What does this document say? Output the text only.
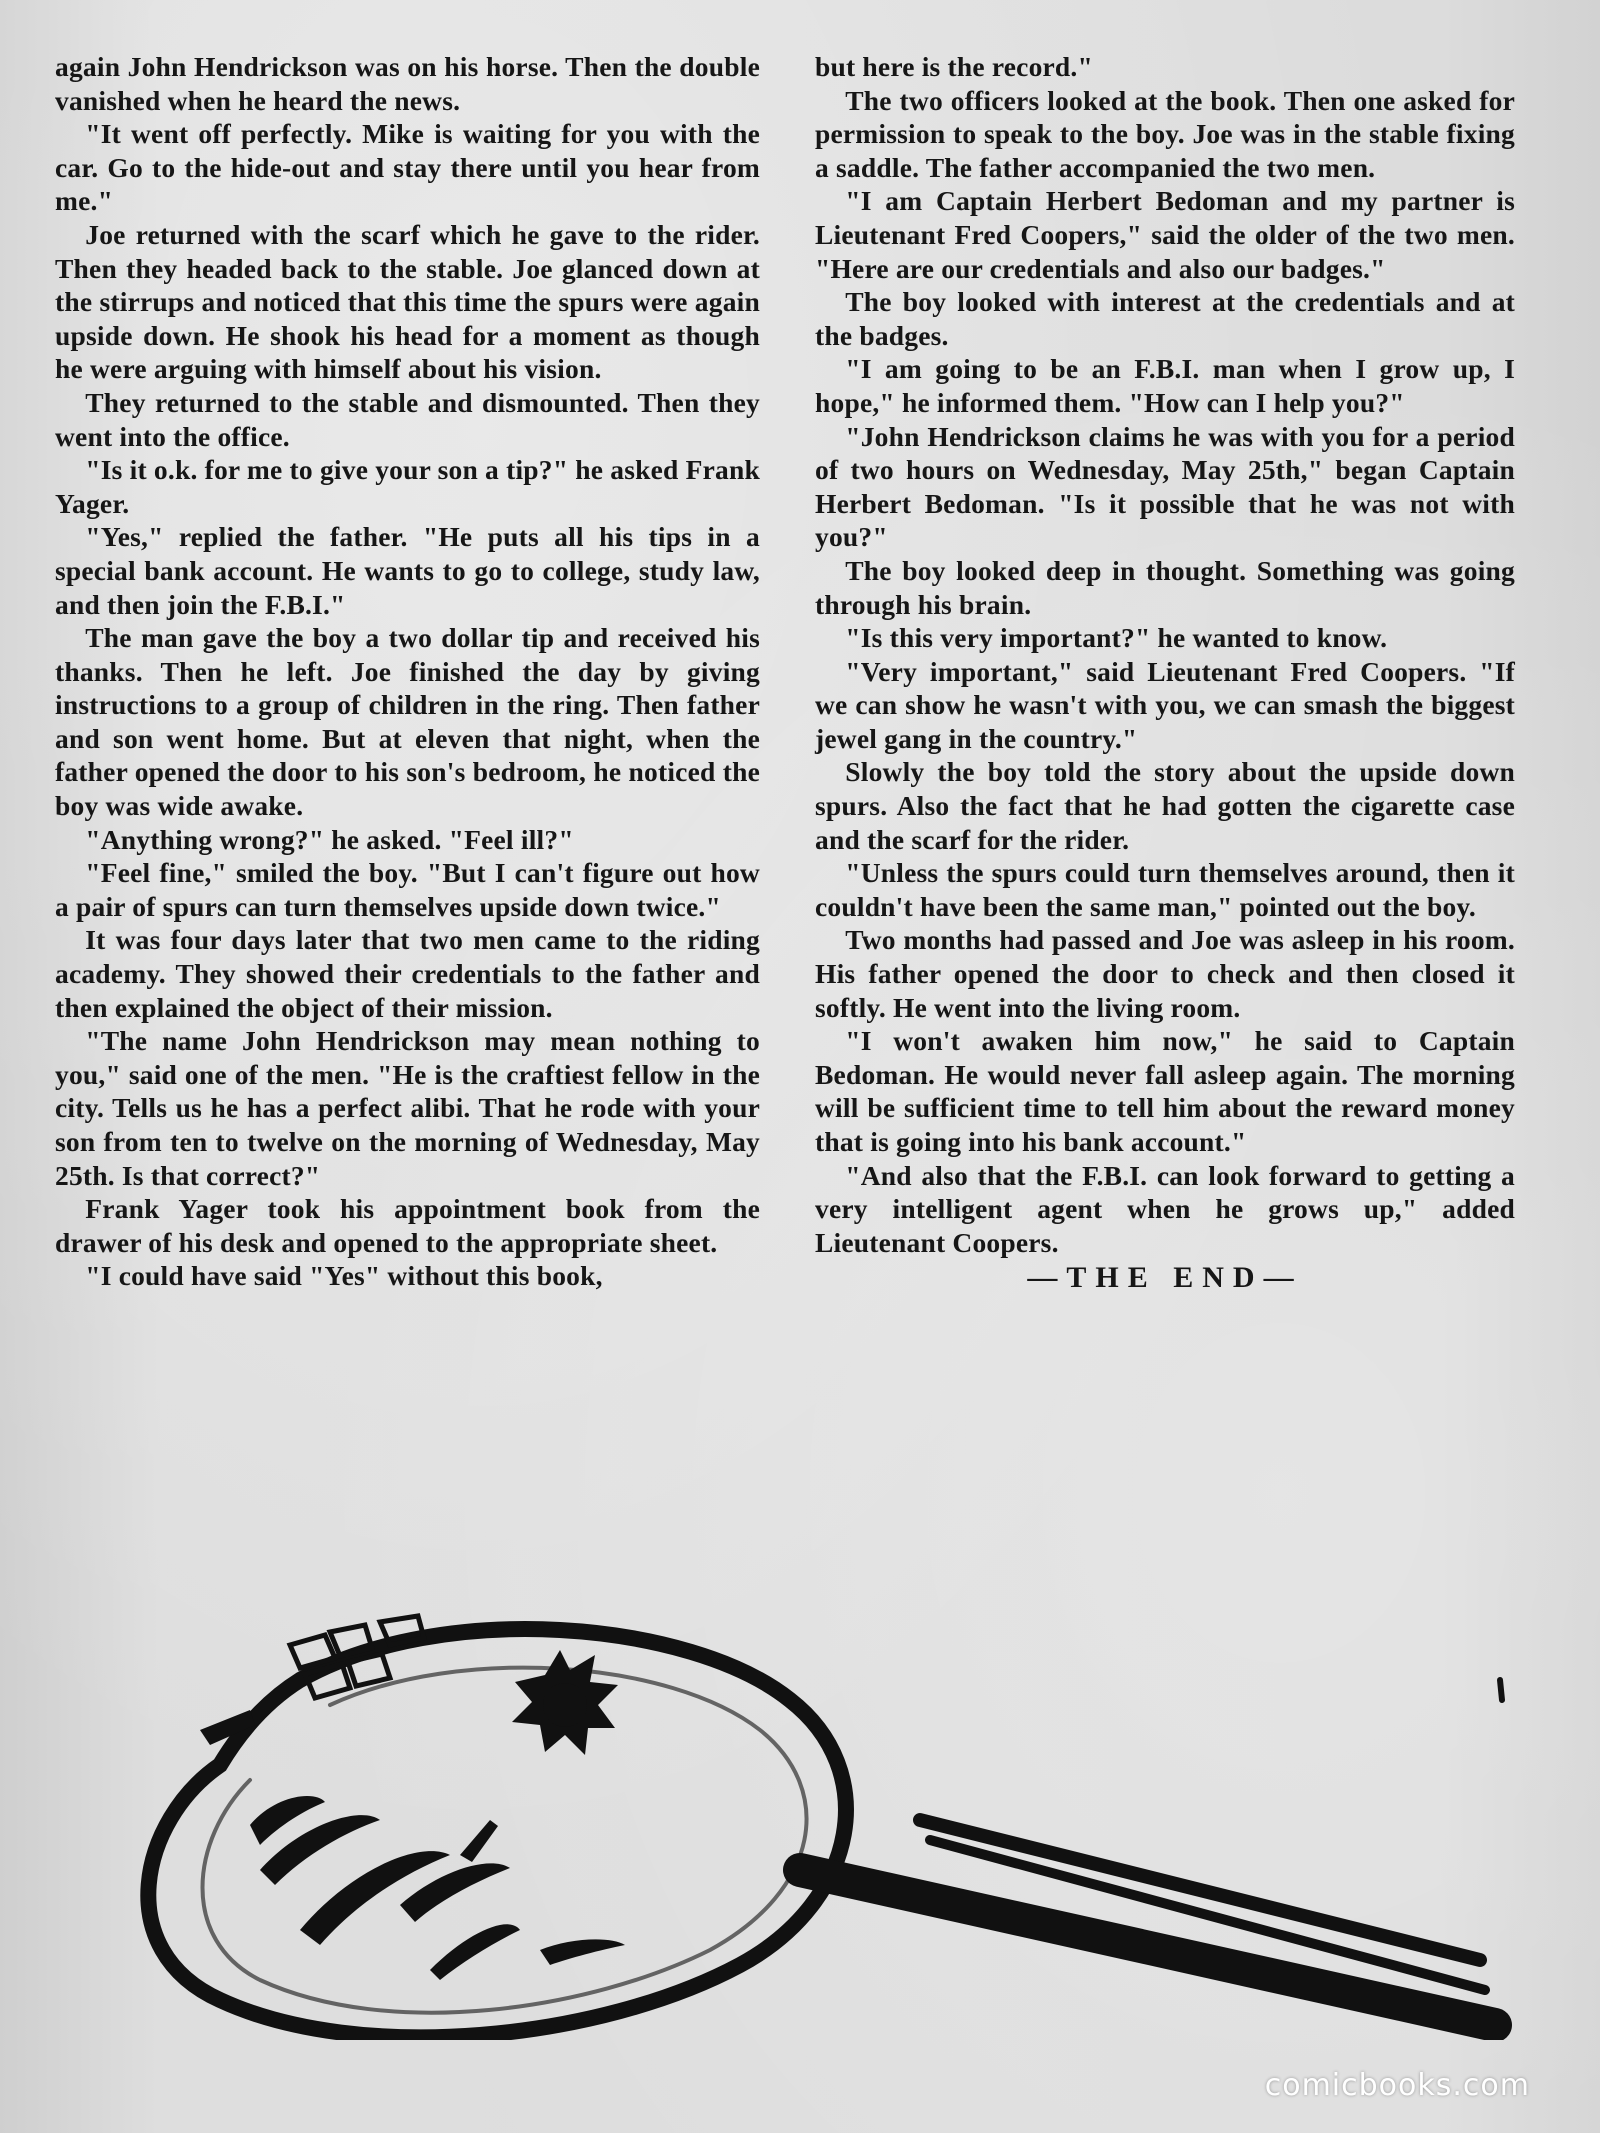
again John Hendrickson was on his horse. Then the double vanished when he heard the news.

"It went off perfectly. Mike is waiting for you with the car. Go to the hide-out and stay there until you hear from me."

Joe returned with the scarf which he gave to the rider. Then they headed back to the stable. Joe glanced down at the stirrups and noticed that this time the spurs were again upside down. He shook his head for a moment as though he were arguing with himself about his vision.

They returned to the stable and dismounted. Then they went into the office.

"Is it o.k. for me to give your son a tip?" he asked Frank Yager.

"Yes," replied the father. "He puts all his tips in a special bank account. He wants to go to college, study law, and then join the F.B.I."

The man gave the boy a two dollar tip and received his thanks. Then he left. Joe finished the day by giving instructions to a group of children in the ring. Then father and son went home. But at eleven that night, when the father opened the door to his son's bedroom, he noticed the boy was wide awake.

"Anything wrong?" he asked. "Feel ill?"

"Feel fine," smiled the boy. "But I can't figure out how a pair of spurs can turn themselves upside down twice."

It was four days later that two men came to the riding academy. They showed their credentials to the father and then explained the object of their mission.

"The name John Hendrickson may mean nothing to you," said one of the men. "He is the craftiest fellow in the city. Tells us he has a perfect alibi. That he rode with your son from ten to twelve on the morning of Wednesday, May 25th. Is that correct?"

Frank Yager took his appointment book from the drawer of his desk and opened to the appropriate sheet.

"I could have said "Yes" without this book,

but here is the record."

The two officers looked at the book. Then one asked for permission to speak to the boy. Joe was in the stable fixing a saddle. The father accompanied the two men.

"I am Captain Herbert Bedoman and my partner is Lieutenant Fred Coopers," said the older of the two men. "Here are our credentials and also our badges."

The boy looked with interest at the credentials and at the badges.

"I am going to be an F.B.I. man when I grow up, I hope," he informed them. "How can I help you?"

"John Hendrickson claims he was with you for a period of two hours on Wednesday, May 25th," began Captain Herbert Bedoman. "Is it possible that he was not with you?"

The boy looked deep in thought. Something was going through his brain.

"Is this very important?" he wanted to know.

"Very important," said Lieutenant Fred Coopers. "If we can show he wasn't with you, we can smash the biggest jewel gang in the country."

Slowly the boy told the story about the upside down spurs. Also the fact that he had gotten the cigarette case and the scarf for the rider.

"Unless the spurs could turn themselves around, then it couldn't have been the same man," pointed out the boy.

Two months had passed and Joe was asleep in his room. His father opened the door to check and then closed it softly. He went into the living room.

"I won't awaken him now," he said to Captain Bedoman. He would never fall asleep again. The morning will be sufficient time to tell him about the reward money that is going into his bank account."

"And also that the F.B.I. can look forward to getting a very intelligent agent when he grows up," added Lieutenant Coopers.

—THE END—
comicbooks.com
